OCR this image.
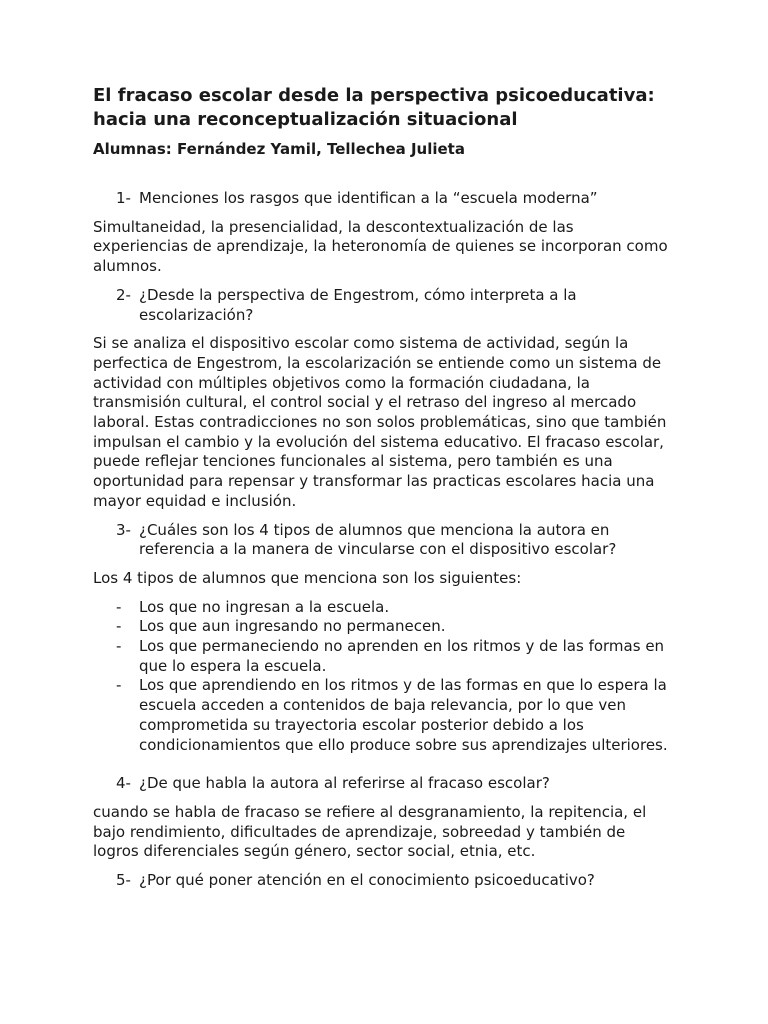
El fracaso escolar desde la perspectiva psicoeducativa: hacia una reconceptualización situacional
Alumnas: Fernández Yamil, Tellechea Julieta
1- Menciones los rasgos que identifican a la “escuela moderna”

Simultaneidad, la presencialidad, la descontextualización de las experiencias de aprendizaje, la heteronomía de quienes se incorporan como alumnos.

2- ¿Desde la perspectiva de Engestrom, cómo interpreta a la escolarización?

Si se analiza el dispositivo escolar como sistema de actividad, según la perfectica de Engestrom, la escolarización se entiende como un sistema de actividad con múltiples objetivos como la formación ciudadana, la transmisión cultural, el control social y el retraso del ingreso al mercado laboral. Estas contradicciones no son solos problemáticas, sino que también impulsan el cambio y la evolución del sistema educativo. El fracaso escolar, puede reflejar tenciones funcionales al sistema, pero también es una oportunidad para repensar y transformar las practicas escolares hacia una mayor equidad e inclusión.

3- ¿Cuáles son los 4 tipos de alumnos que menciona la autora en referencia a la manera de vincularse con el dispositivo escolar?

Los 4 tipos de alumnos que menciona son los siguientes:

-	Los que no ingresan a la escuela.
-	Los que aun ingresando no permanecen.
-	Los que permaneciendo no aprenden en los ritmos y de las formas en que lo espera la escuela.
-	Los que aprendiendo en los ritmos y de las formas en que lo espera la escuela acceden a contenidos de baja relevancia, por lo que ven comprometida su trayectoria escolar posterior debido a los condicionamientos que ello produce sobre sus aprendizajes ulteriores.
4- ¿De que habla la autora al referirse al fracaso escolar?

cuando se habla de fracaso se refiere al desgranamiento, la repitencia, el bajo rendimiento, dificultades de aprendizaje, sobreedad y también de logros diferenciales según género, sector social, etnia, etc.

5- ¿Por qué poner atención en el conocimiento psicoeducativo?
